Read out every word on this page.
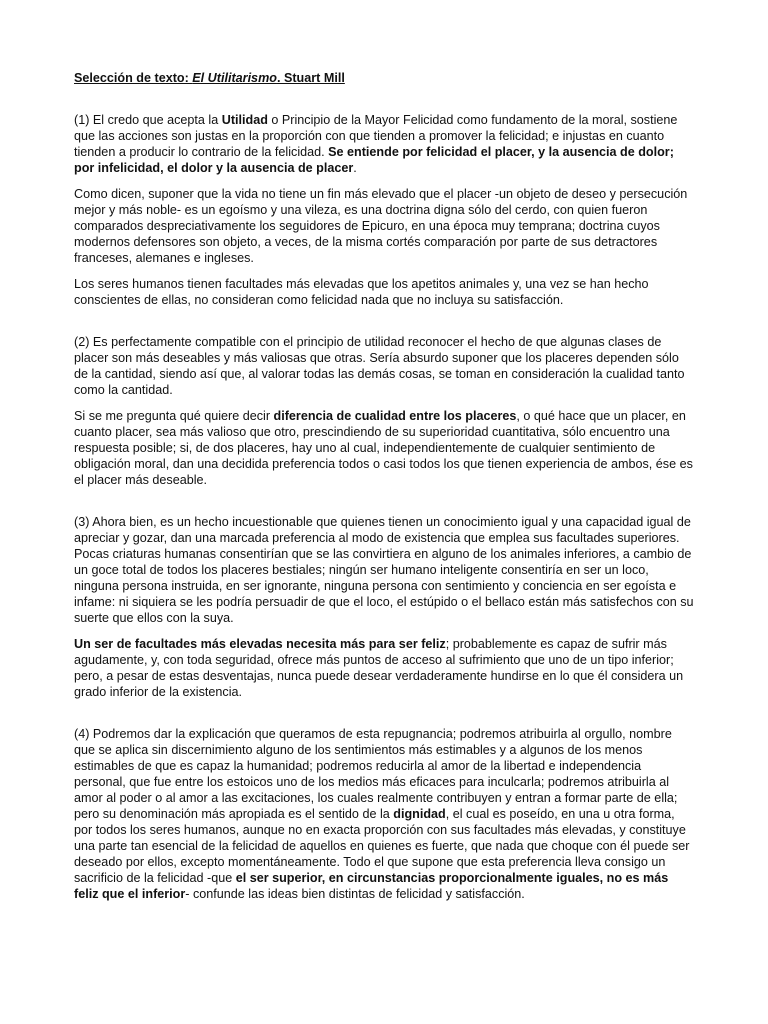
Selección de texto: El Utilitarismo. Stuart Mill

(1) El credo que acepta la Utilidad o Principio de la Mayor Felicidad como fundamento de la moral, sostiene que las acciones son justas en la proporción con que tienden a promover la felicidad; e injustas en cuanto tienden a producir lo contrario de la felicidad. Se entiende por felicidad el placer, y la ausencia de dolor; por infelicidad, el dolor y la ausencia de placer.

Como dicen, suponer que la vida no tiene un fin más elevado que el placer -un objeto de deseo y persecución mejor y más noble- es un egoísmo y una vileza, es una doctrina digna sólo del cerdo, con quien fueron comparados despreciativamente los seguidores de Epicuro, en una época muy temprana; doctrina cuyos modernos defensores son objeto, a veces, de la misma cortés comparación por parte de sus detractores franceses, alemanes e ingleses.

Los seres humanos tienen facultades más elevadas que los apetitos animales y, una vez se han hecho conscientes de ellas, no consideran como felicidad nada que no incluya su satisfacción.

(2) Es perfectamente compatible con el principio de utilidad reconocer el hecho de que algunas clases de placer son más deseables y más valiosas que otras. Sería absurdo suponer que los placeres dependen sólo de la cantidad, siendo así que, al valorar todas las demás cosas, se toman en consideración la cualidad tanto como la cantidad.

Si se me pregunta qué quiere decir diferencia de cualidad entre los placeres, o qué hace que un placer, en cuanto placer, sea más valioso que otro, prescindiendo de su superioridad cuantitativa, sólo encuentro una respuesta posible; si, de dos placeres, hay uno al cual, independientemente de cualquier sentimiento de obligación moral, dan una decidida preferencia todos o casi todos los que tienen experiencia de ambos, ése es el placer más deseable.

(3) Ahora bien, es un hecho incuestionable que quienes tienen un conocimiento igual y una capacidad igual de apreciar y gozar, dan una marcada preferencia al modo de existencia que emplea sus facultades superiores. Pocas criaturas humanas consentirían que se las convirtiera en alguno de los animales inferiores, a cambio de un goce total de todos los placeres bestiales; ningún ser humano inteligente consentiría en ser un loco, ninguna persona instruida, en ser ignorante, ninguna persona con sentimiento y conciencia en ser egoísta e infame: ni siquiera se les podría persuadir de que el loco, el estúpido o el bellaco están más satisfechos con su suerte que ellos con la suya.

Un ser de facultades más elevadas necesita más para ser feliz; probablemente es capaz de sufrir más agudamente, y, con toda seguridad, ofrece más puntos de acceso al sufrimiento que uno de un tipo inferior; pero, a pesar de estas desventajas, nunca puede desear verdaderamente hundirse en lo que él considera un grado inferior de la existencia.

(4) Podremos dar la explicación que queramos de esta repugnancia; podremos atribuirla al orgullo, nombre que se aplica sin discernimiento alguno de los sentimientos más estimables y a algunos de los menos estimables de que es capaz la humanidad; podremos reducirla al amor de la libertad e independencia personal, que fue entre los estoicos uno de los medios más eficaces para inculcarla; podremos atribuirla al amor al poder o al amor a las excitaciones, los cuales realmente contribuyen y entran a formar parte de ella; pero su denominación más apropiada es el sentido de la dignidad, el cual es poseído, en una u otra forma, por todos los seres humanos, aunque no en exacta proporción con sus facultades más elevadas, y constituye una parte tan esencial de la felicidad de aquellos en quienes es fuerte, que nada que choque con él puede ser deseado por ellos, excepto momentáneamente. Todo el que supone que esta preferencia lleva consigo un sacrificio de la felicidad -que el ser superior, en circunstancias proporcionalmente iguales, no es más feliz que el inferior- confunde las ideas bien distintas de felicidad y satisfacción.
